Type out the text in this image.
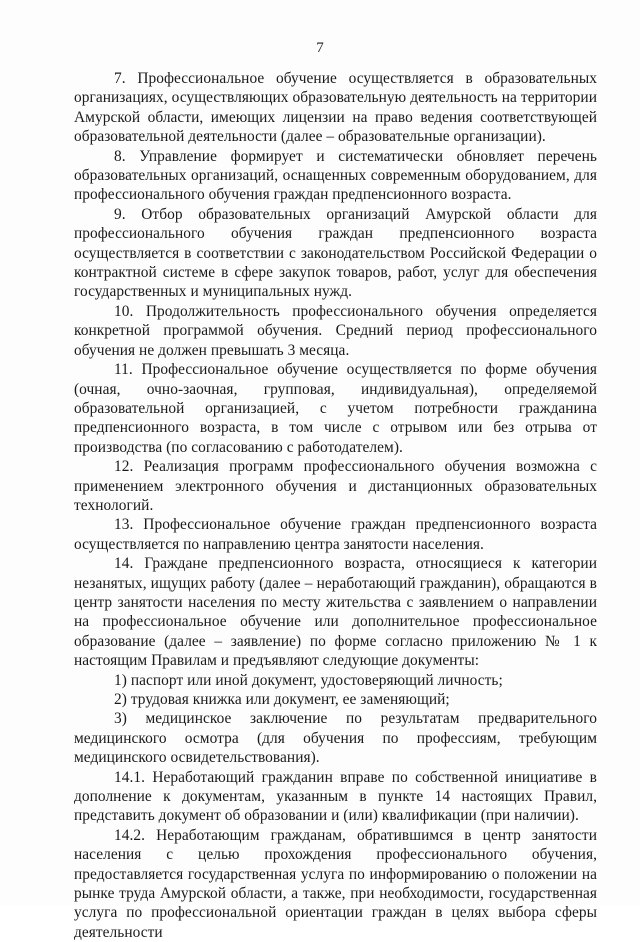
7

7. Профессиональное обучение осуществляется в образовательных организациях, осуществляющих образовательную деятельность на территории Амурской области, имеющих лицензии на право ведения соответствующей образовательной деятельности (далее – образовательные организации).

8. Управление формирует и систематически обновляет перечень образовательных организаций, оснащенных современным оборудованием, для профессионального обучения граждан предпенсионного возраста.

9. Отбор образовательных организаций Амурской области для профессионального обучения граждан предпенсионного возраста осуществляется в соответствии с законодательством Российской Федерации о контрактной системе в сфере закупок товаров, работ, услуг для обеспечения государственных и муниципальных нужд.

10. Продолжительность профессионального обучения определяется конкретной программой обучения. Средний период профессионального обучения не должен превышать 3 месяца.

11. Профессиональное обучение осуществляется по форме обучения (очная, очно-заочная, групповая, индивидуальная), определяемой образовательной организацией, с учетом потребности гражданина предпенсионного возраста, в том числе с отрывом или без отрыва от производства (по согласованию с работодателем).

12. Реализация программ профессионального обучения возможна с применением электронного обучения и дистанционных образовательных технологий.

13. Профессиональное обучение граждан предпенсионного возраста осуществляется по направлению центра занятости населения.

14. Граждане предпенсионного возраста, относящиеся к категории незанятых, ищущих работу (далее – неработающий гражданин), обращаются в центр занятости населения по месту жительства с заявлением о направлении на профессиональное обучение или дополнительное профессиональное образование (далее – заявление) по форме согласно приложению № 1 к настоящим Правилам и предъявляют следующие документы:

1) паспорт или иной документ, удостоверяющий личность;

2) трудовая книжка или документ, ее заменяющий;

3) медицинское заключение по результатам предварительного медицинского осмотра (для обучения по профессиям, требующим медицинского освидетельствования).

14.1. Неработающий гражданин вправе по собственной инициативе в дополнение к документам, указанным в пункте 14 настоящих Правил, представить документ об образовании и (или) квалификации (при наличии).

14.2. Неработающим гражданам, обратившимся в центр занятости населения с целью прохождения профессионального обучения, предоставляется государственная услуга по информированию о положении на рынке труда Амурской области, а также, при необходимости, государственная услуга по профессиональной ориентации граждан в целях выбора сферы деятельности
